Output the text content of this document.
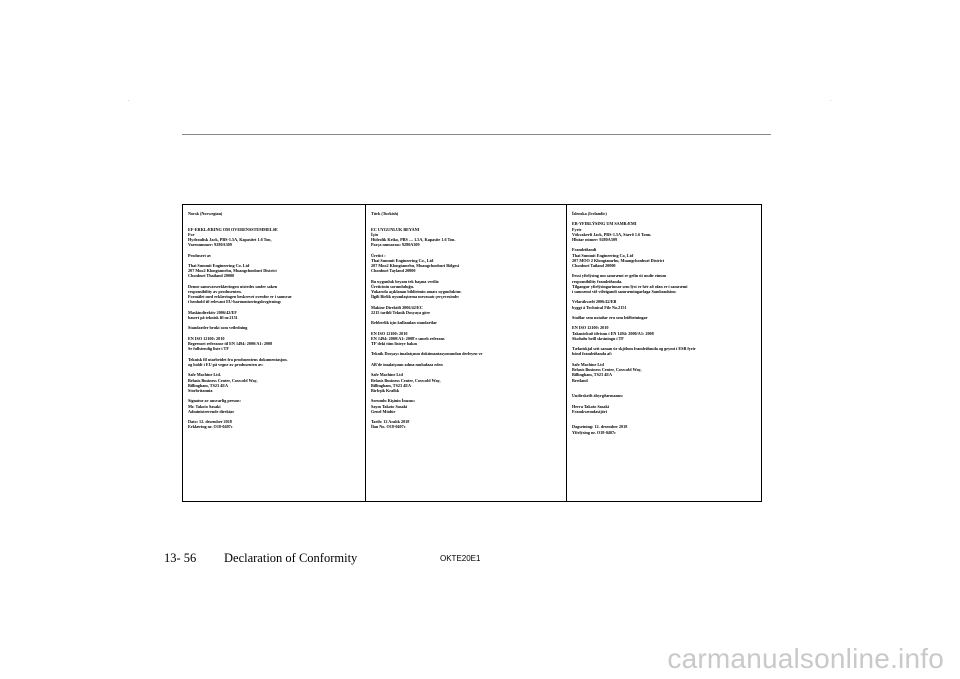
Norsk (Norwegian)

EF-ERKLÆRING OM OVERENSSTEMMELSE
For
Hydraulisk Jack, PBS-1.5A, Kapasitet 1.6 Ton,
Varenummer: 9280A309

Produsert av

Thai Summit Engineering Co. Ltd
207 Moo2 Klongtamrhu, Muangchonburi District
Chonburi Thailand 20000

Denne samsvarserklæringen utstedes under saken
responsibility av produsenten.
Formålet med erklæringen beskrevet ovenfor er i samsvar
i henhold til relevant EU-harmoniseringslovgivning:

Maskindirektiv 2006/42/EF
basert på teknisk fil nr.2151

Standarder brukt som veiledning

EN ISO 12100: 2010
Begrenset referanse til EN 1494: 2000/A1: 2008
Se fullstendig liste i TF

Teknisk fil utarbeidet fra produsentens dokumentasjon.
og holdt i EU på vegne av produsenten av:

Safe Machine Ltd.
Belasis Business Center, Coxwold Way,
Billingham, TS23 4EA
Storbritannia

Signatur av ansvarlig person:
Mr. Takoto Sasaki
Administrerende direktør

Dato: 12. desember 2018
Erklæring nr. O18-0407c

Türk (Turkish)

EC UYGUNLUK BEYANI
İçin
Hidrolik Kriko, PBS — 1.5A, Kapasite 1.6 Ton.
Parça numarası: 9280A309

Üretici :
Thai Summit Engineering Co., Ltd
207 Moo2 Klongtamrhu, Muangchonburi Bölgesi
Chonburi Tayland 20000

Bu uygunluk beyanı tek başına verilir.
Üreticinin sorumluluğu.
Yukarıda açıklanan bildirimin amacı uygunluktur.
İlgili Birlik uyumlaştırma mevzuatı çerçevesinde:

Makine Direktifi 2006/42/EC
2215 tarihli Teknik Dosyaya göre

Rehberlik için kullanılan standartlar

EN ISO 12100: 2010
EN 1494: 2000/A1: 2008'e sınırlı referans
TF'deki tüm listeye bakın

Teknik Dosyayı imalatçının dokümantasyonundan derleyen ve

AB'de imalatçının adına muhafaza eden

Safe Machine Ltd
Belasis Business Center, Coxwold Way,
Billingham, TS23 4EA
Birleşik Krallık

Sorumlu Kişinin İmzası:
Sayın Takoto Sasaki
Genel Müdür

Tarih: 12 Aralık 2018
İlan No. O18-0407c

Íslenska (Icelandic)

EB-YFIRLÝSING UM SAMRÆMI
Fyrir
Vökvakerfi Jack, PBS-1.5A, Stærð 1.6 Tonn.
Hlutar númer: 9280A309

Framleiðandi
Thai Summit Engineering Co, Ltd
207 MOO 2 Klongtamrhu, Muangchonburi District
Chonburi Tailand 20000

Þessi yfirlýsing um samræmi er gefin út undir einum
responsibility framleiðanda.
Tilgangur yfirlýsingarinnar sem lýst er hér að ofan er í samræmi
í samræmi við viðeigandi samræmingarlaga Sambandsins:

Vélarákvæði 2006/42/EB
byggt á Technical File No.2151

Staðlar sem notaðar eru sem leiðbeiningar

EN ISO 12100: 2010
Takmörkuð tilvísun í EN 1494: 2000/A1: 2008
Skoðaðu heill skráningu í TF

Tækniskjal sett saman úr skjölum framleiðanda og geymt í ESB fyrir
hönd framleiðanda af:

Safe Machine Ltd
Belasis Business Center, Coxwold Way,
Billingham, TS23 4EA
Bretland

Undirskrift ábyrgðarmanns:

Herra Takoto Sasaki
Framkvæmdastjóri

Dagsetning: 12. desember 2018
Yfirlýsing nr. O18-0407c

13- 56 Declaration of Conformity	OKTE20E1
carmanualsonline.info
